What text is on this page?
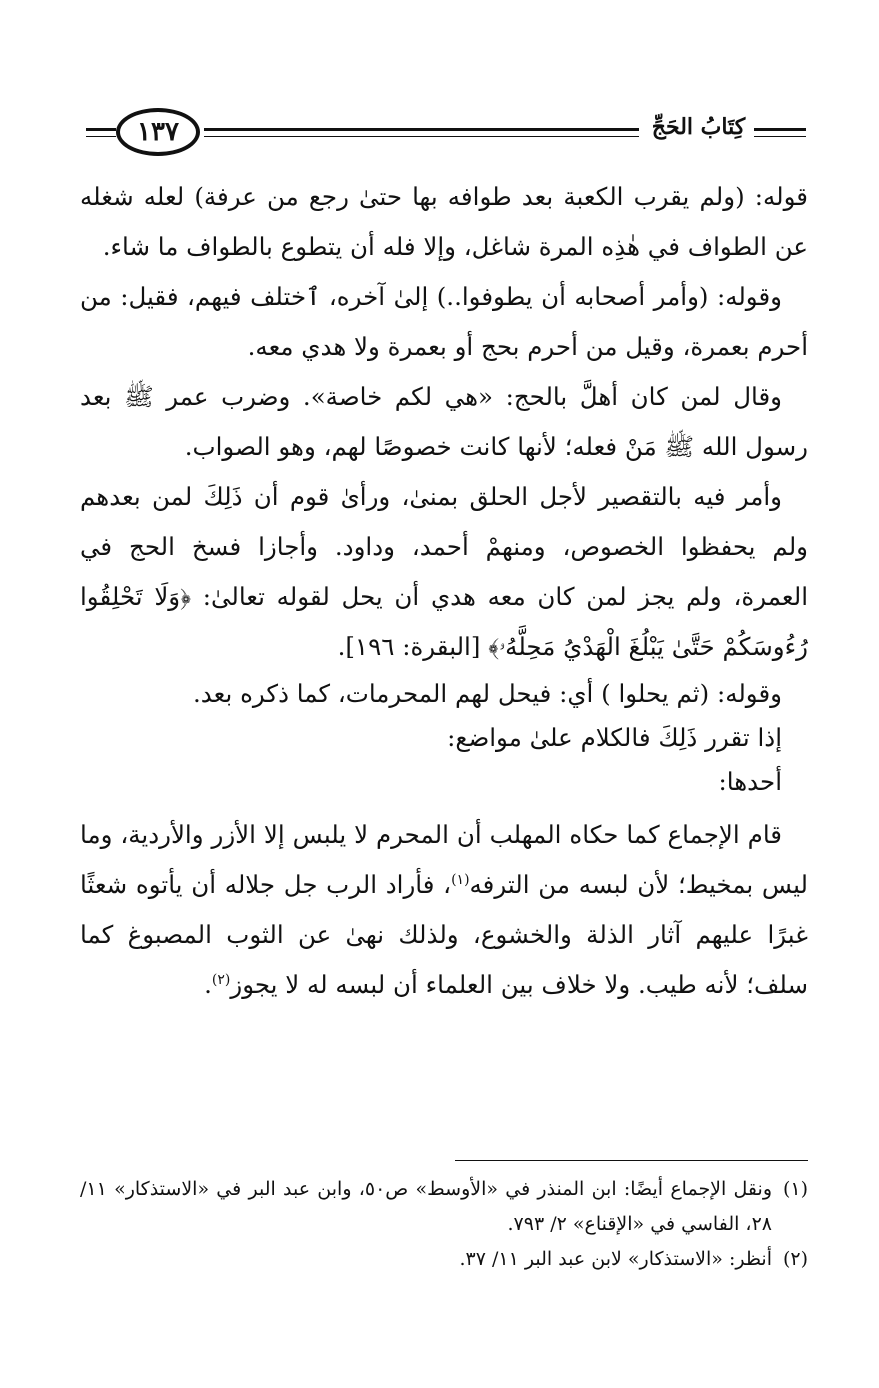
١٣٧	كِتَابُ الحَجِّ

قوله: (ولم يقرب الكعبة بعد طوافه بها حتىٰ رجع من عرفة) لعله شغله عن الطواف في هٰذِه المرة شاغل، وإلا فله أن يتطوع بالطواف ما شاء.

وقوله: (وأمر أصحابه أن يطوفوا..) إلىٰ آخره، ٱختلف فيهم، فقيل: من أحرم بعمرة، وقيل من أحرم بحج أو بعمرة ولا هدي معه.

وقال لمن كان أهلَّ بالحج: «هي لكم خاصة». وضرب عمر ﷺ بعد رسول الله ﷺ مَنْ فعله؛ لأنها كانت خصوصًا لهم، وهو الصواب.

وأمر فيه بالتقصير لأجل الحلق بمنىٰ، ورأىٰ قوم أن ذَلِكَ لمن بعدهم ولم يحفظوا الخصوص، ومنهمْ أحمد، وداود. وأجازا فسخ الحج في العمرة، ولم يجز لمن كان معه هدي أن يحل لقوله تعالىٰ: ﴿وَلَا تَحْلِقُوا رُءُوسَكُمْ حَتَّىٰ يَبْلُغَ الْهَدْيُ مَحِلَّهُۥ﴾ [البقرة: ١٩٦].

وقوله: (ثم يحلوا ) أي: فيحل لهم المحرمات، كما ذكره بعد.

إذا تقرر ذَلِكَ فالكلام علىٰ مواضع:

أحدها:

قام الإجماع كما حكاه المهلب أن المحرم لا يلبس إلا الأزر والأردية، وما ليس بمخيط؛ لأن لبسه من الترفه$^{(١)}$، فأراد الرب جل جلاله أن يأتوه شعثًا غبرًا عليهم آثار الذلة والخشوع، ولذلك نهىٰ عن الثوب المصبوغ كما سلف؛ لأنه طيب. ولا خلاف بين العلماء أن لبسه له لا يجوز$^{(٢)}$.

(١)
ونقل الإجماع أيضًا: ابن المنذر في «الأوسط» ص٥٠، وابن عبد البر في «الاستذكار» ١١/ ٢٨، الفاسي في «الإقناع» ٢/ ٧٩٣.

(٢)
أنظر: «الاستذكار» لابن عبد البر ١١/ ٣٧.
